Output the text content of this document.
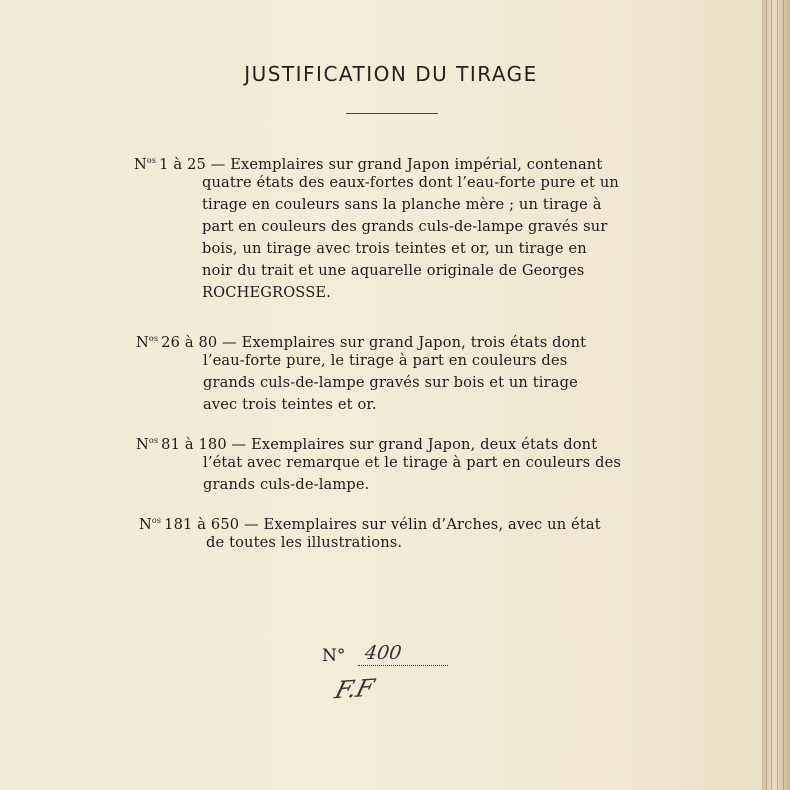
JUSTIFICATION DU TIRAGE
$N^{os}$ 1 à 25 — Exemplaires sur grand Japon impérial, contenant
quatre états des eaux-fortes dont l’eau-forte pure et un
tirage en couleurs sans la planche mère ; un tirage à
part en couleurs des grands culs-de-lampe gravés sur
bois, un tirage avec trois teintes et or, un tirage en
noir du trait et une aquarelle originale de Georges
ROCHEGROSSE.
$N^{os}$ 26 à 80 — Exemplaires sur grand Japon, trois états dont
l’eau-forte pure, le tirage à part en couleurs des
grands culs-de-lampe gravés sur bois et un tirage
avec trois teintes et or.
$N^{os}$ 81 à 180 — Exemplaires sur grand Japon, deux états dont
l’état avec remarque et le tirage à part en couleurs des
grands culs-de-lampe.
$N^{os}$ 181 à 650 — Exemplaires sur vélin d’Arches, avec un état
de toutes les illustrations.
N° 400
F.F
